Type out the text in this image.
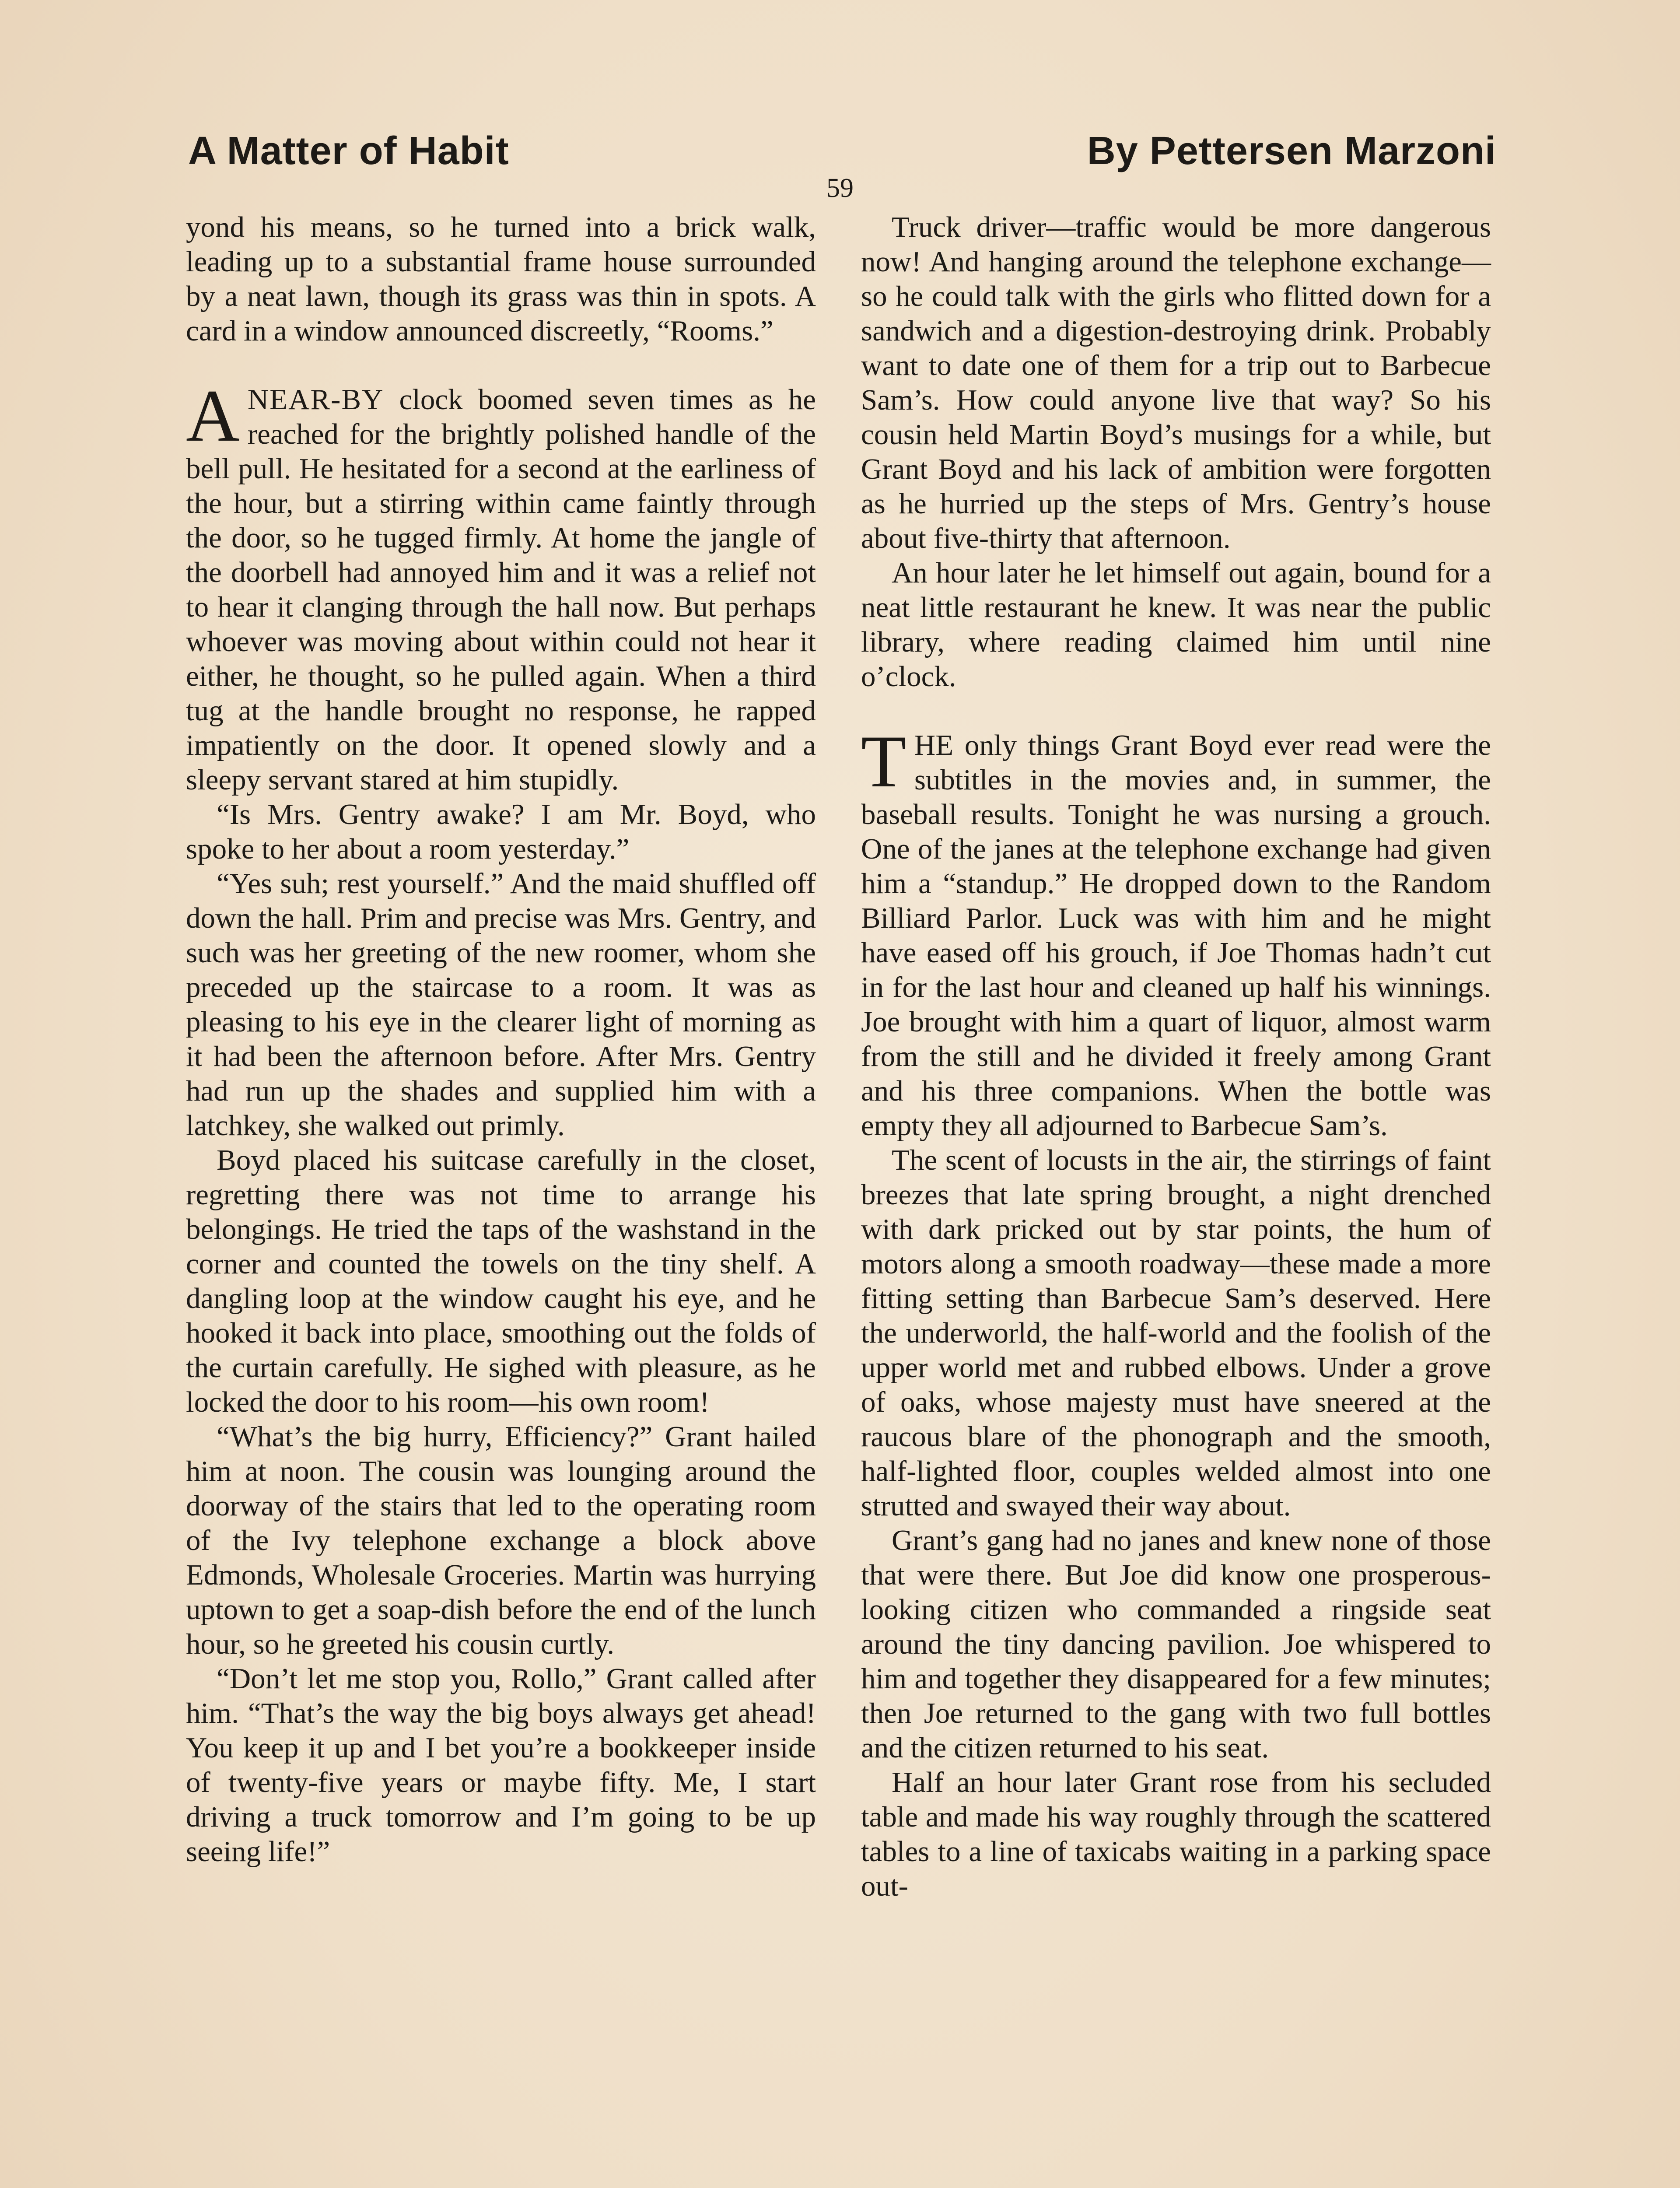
A Matter of Habit	By Pettersen Marzoni
59

yond his means, so he turned into a brick walk, leading up to a substantial frame house surrounded by a neat lawn, though its grass was thin in spots. A card in a window announced discreetly, “Rooms.”

ANEAR-BY clock boomed seven times as he reached for the brightly polished handle of the bell pull. He hesitated for a second at the earliness of the hour, but a stirring within came faintly through the door, so he tugged firmly. At home the jangle of the doorbell had annoyed him and it was a relief not to hear it clanging through the hall now. But perhaps whoever was moving about within could not hear it either, he thought, so he pulled again. When a third tug at the handle brought no response, he rapped impatiently on the door. It opened slowly and a sleepy servant stared at him stupidly.

“Is Mrs. Gentry awake? I am Mr. Boyd, who spoke to her about a room yesterday.”

“Yes suh; rest yourself.” And the maid shuffled off down the hall. Prim and precise was Mrs. Gentry, and such was her greeting of the new roomer, whom she preceded up the staircase to a room. It was as pleasing to his eye in the clearer light of morning as it had been the afternoon before. After Mrs. Gentry had run up the shades and supplied him with a latchkey, she walked out primly.

Boyd placed his suitcase carefully in the closet, regretting there was not time to arrange his belongings. He tried the taps of the washstand in the corner and counted the towels on the tiny shelf. A dangling loop at the window caught his eye, and he hooked it back into place, smoothing out the folds of the curtain carefully. He sighed with pleasure, as he locked the door to his room—his own room!

“What’s the big hurry, Efficiency?” Grant hailed him at noon. The cousin was lounging around the doorway of the stairs that led to the operating room of the Ivy telephone exchange a block above Edmonds, Wholesale Groceries. Martin was hurrying uptown to get a soap-dish before the end of the lunch hour, so he greeted his cousin curtly.

“Don’t let me stop you, Rollo,” Grant called after him. “That’s the way the big boys always get ahead! You keep it up and I bet you’re a bookkeeper inside of twenty-five years or maybe fifty. Me, I start driving a truck tomorrow and I’m going to be up seeing life!”

Truck driver—traffic would be more dangerous now! And hanging around the telephone exchange—so he could talk with the girls who flitted down for a sandwich and a digestion-destroying drink. Probably want to date one of them for a trip out to Barbecue Sam’s. How could anyone live that way? So his cousin held Martin Boyd’s musings for a while, but Grant Boyd and his lack of ambition were forgotten as he hurried up the steps of Mrs. Gentry’s house about five-thirty that afternoon.

An hour later he let himself out again, bound for a neat little restaurant he knew. It was near the public library, where reading claimed him until nine o’clock.

THE only things Grant Boyd ever read were the subtitles in the movies and, in summer, the baseball results. Tonight he was nursing a grouch. One of the janes at the telephone exchange had given him a “standup.” He dropped down to the Random Billiard Parlor. Luck was with him and he might have eased off his grouch, if Joe Thomas hadn’t cut in for the last hour and cleaned up half his winnings. Joe brought with him a quart of liquor, almost warm from the still and he divided it freely among Grant and his three companions. When the bottle was empty they all adjourned to Barbecue Sam’s.

The scent of locusts in the air, the stirrings of faint breezes that late spring brought, a night drenched with dark pricked out by star points, the hum of motors along a smooth roadway—these made a more fitting setting than Barbecue Sam’s deserved. Here the underworld, the half-world and the foolish of the upper world met and rubbed elbows. Under a grove of oaks, whose majesty must have sneered at the raucous blare of the phonograph and the smooth, half-lighted floor, couples welded almost into one strutted and swayed their way about.

Grant’s gang had no janes and knew none of those that were there. But Joe did know one prosperous-looking citizen who commanded a ringside seat around the tiny dancing pavilion. Joe whispered to him and together they disappeared for a few minutes; then Joe returned to the gang with two full bottles and the citizen returned to his seat.

Half an hour later Grant rose from his secluded table and made his way roughly through the scattered tables to a line of taxicabs waiting in a parking space out-
